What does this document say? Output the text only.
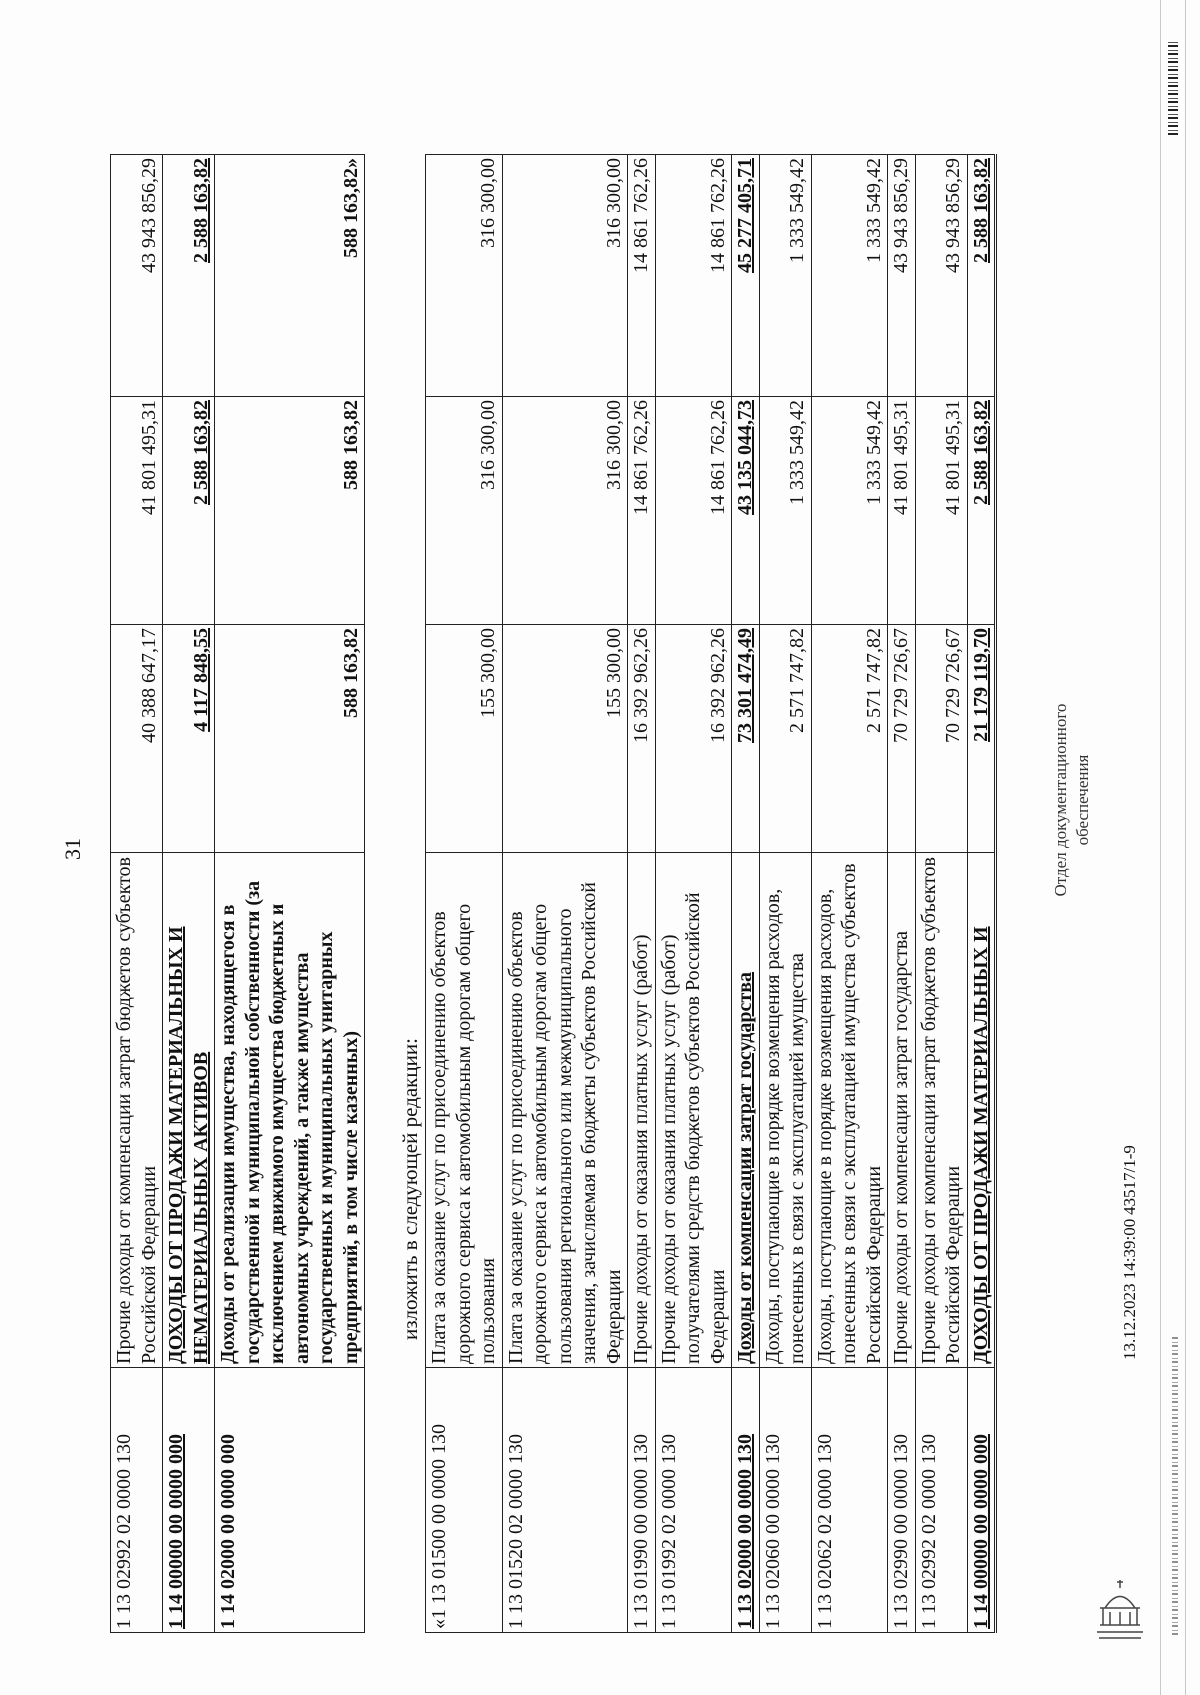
31
1 13 02992 02 0000 130	Прочие доходы от компенсации затрат бюджетов субъектов Российской Федерации	40 388 647,17	41 801 495,31	43 943 856,29
1 14 00000 00 0000 000	ДОХОДЫ ОТ ПРОДАЖИ МАТЕРИАЛЬНЫХ И НЕМАТЕРИАЛЬНЫХ АКТИВОВ	4 117 848,55	2 588 163,82	2 588 163,82
1 14 02000 00 0000 000	Доходы от реализации имущества, находящегося в государственной и муниципальной собственности (за исключением движимого имущества бюджетных и автономных учреждений, а также имущества государственных и муниципальных унитарных предприятий, в том числе казенных)	588 163,82	588 163,82	588 163,82»
изложить в следующей редакции:
«1 13 01500 00 0000 130	Плата за оказание услуг по присоединению объектов дорожного сервиса к автомобильным дорогам общего пользования	155 300,00	316 300,00	316 300,00
1 13 01520 02 0000 130	Плата за оказание услуг по присоединению объектов дорожного сервиса к автомобильным дорогам общего пользования регионального или межмуниципального значения, зачисляемая в бюджеты субъектов Российской Федерации	155 300,00	316 300,00	316 300,00
1 13 01990 00 0000 130	Прочие доходы от оказания платных услуг (работ)	16 392 962,26	14 861 762,26	14 861 762,26
1 13 01992 02 0000 130	Прочие доходы от оказания платных услуг (работ) получателями средств бюджетов субъектов Российской Федерации	16 392 962,26	14 861 762,26	14 861 762,26
1 13 02000 00 0000 130	Доходы от компенсации затрат государства	73 301 474,49	43 135 044,73	45 277 405,71
1 13 02060 00 0000 130	Доходы, поступающие в порядке возмещения расходов, понесенных в связи с эксплуатацией имущества	2 571 747,82	1 333 549,42	1 333 549,42
1 13 02062 02 0000 130	Доходы, поступающие в порядке возмещения расходов, понесенных в связи с эксплуатацией имущества субъектов Российской Федерации	2 571 747,82	1 333 549,42	1 333 549,42
1 13 02990 00 0000 130	Прочие доходы от компенсации затрат государства	70 729 726,67	41 801 495,31	43 943 856,29
1 13 02992 02 0000 130	Прочие доходы от компенсации затрат бюджетов субъектов Российской Федерации	70 729 726,67	41 801 495,31	43 943 856,29
1 14 00000 00 0000 000	ДОХОДЫ ОТ ПРОДАЖИ МАТЕРИАЛЬНЫХ И	21 179 119,70	2 588 163,82	2 588 163,82
13.12.2023 14:39:00
43517/1-9
Отдел документационного обеспечения
